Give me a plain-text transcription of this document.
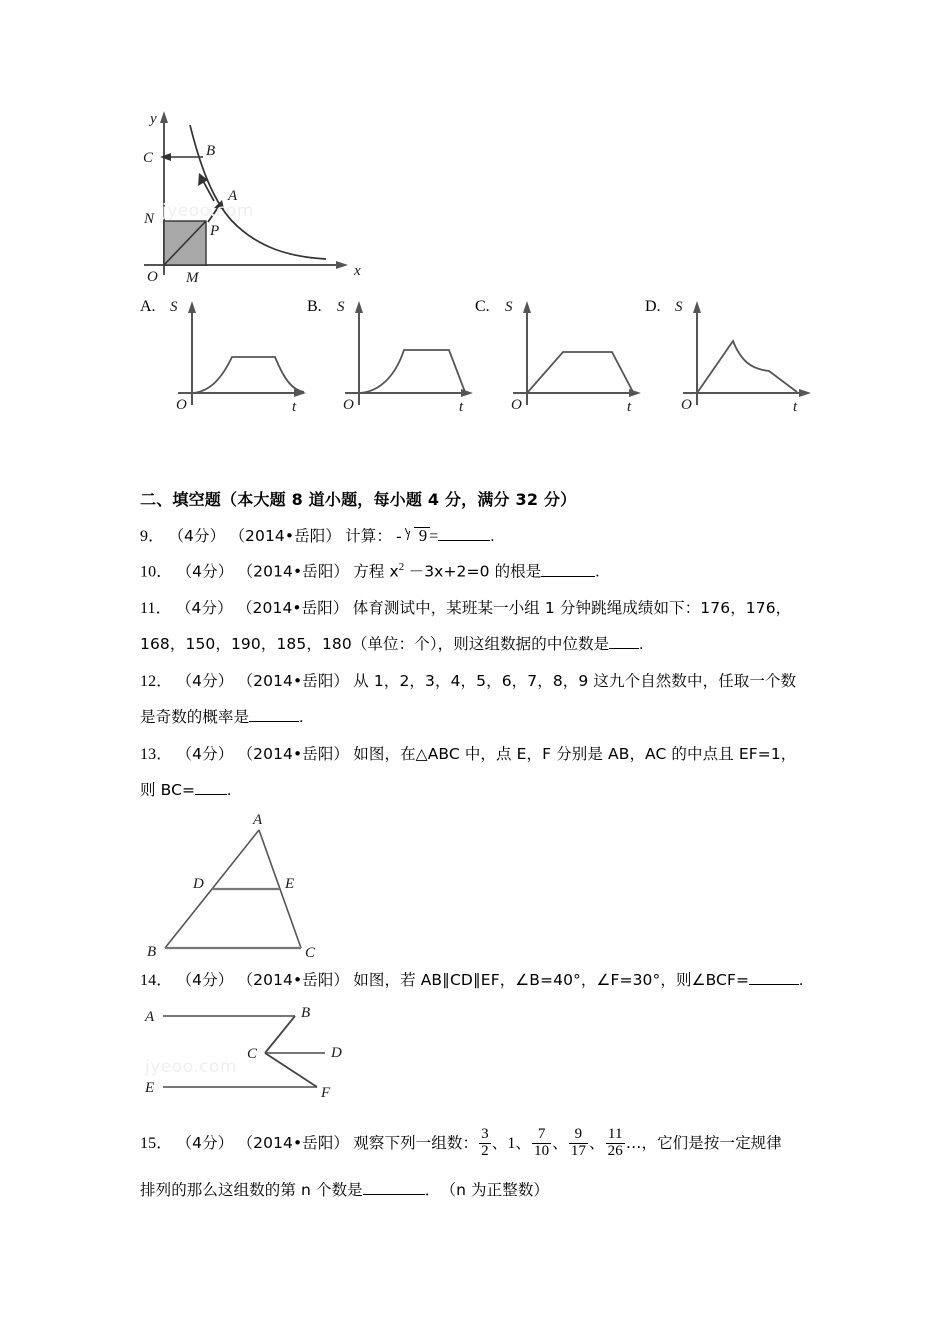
jyeoo.com
y
x
C	B
A
N
P
O M
A.
O
S
t
B.
O
S
t
C.
O
S
t
D.
O
S
t
二、填空题（本大题 8 道小题，每小题 4 分，满分 32 分）
9． （4分） （2014•岳阳） 计算： - 9 =	.
10． （4分） （2014•岳阳） 方程 $x^2 -3x+2=0$ 的根是	.
11． （4分） （2014•岳阳） 体育测试中，某班某一小组 1 分钟跳绳成绩如下：176，176，
168，150，190，185，180（单位：个），则这组数据的中位数是 .
12． （4分） （2014•岳阳） 从 1，2，3，4，5，6，7，8，9 这九个自然数中，任取一个数
是奇数的概率是	.
13． （4分） （2014•岳阳） 如图，在△ABC 中，点 E，F 分别是 AB，AC 的中点且 EF=1，
则 BC= .
A
D	E
B	C
14． （4分） （2014•岳阳） 如图，若 AB∥CD∥EF，∠B=40°，∠F=30°，则∠BCF=	.
jyeoo.com
A	B
C	D
E	F
15． （4分） （2014•岳阳） 观察下列一组数： $\frac{3}{2}$ 、1、 $\frac{7}{10}$ 、 $\frac{9}{17}$ 、 $\frac{11}{26}$ …，它们是按一定规律
排列的那么这组数的第 n 个数是	．　（n 为正整数）
